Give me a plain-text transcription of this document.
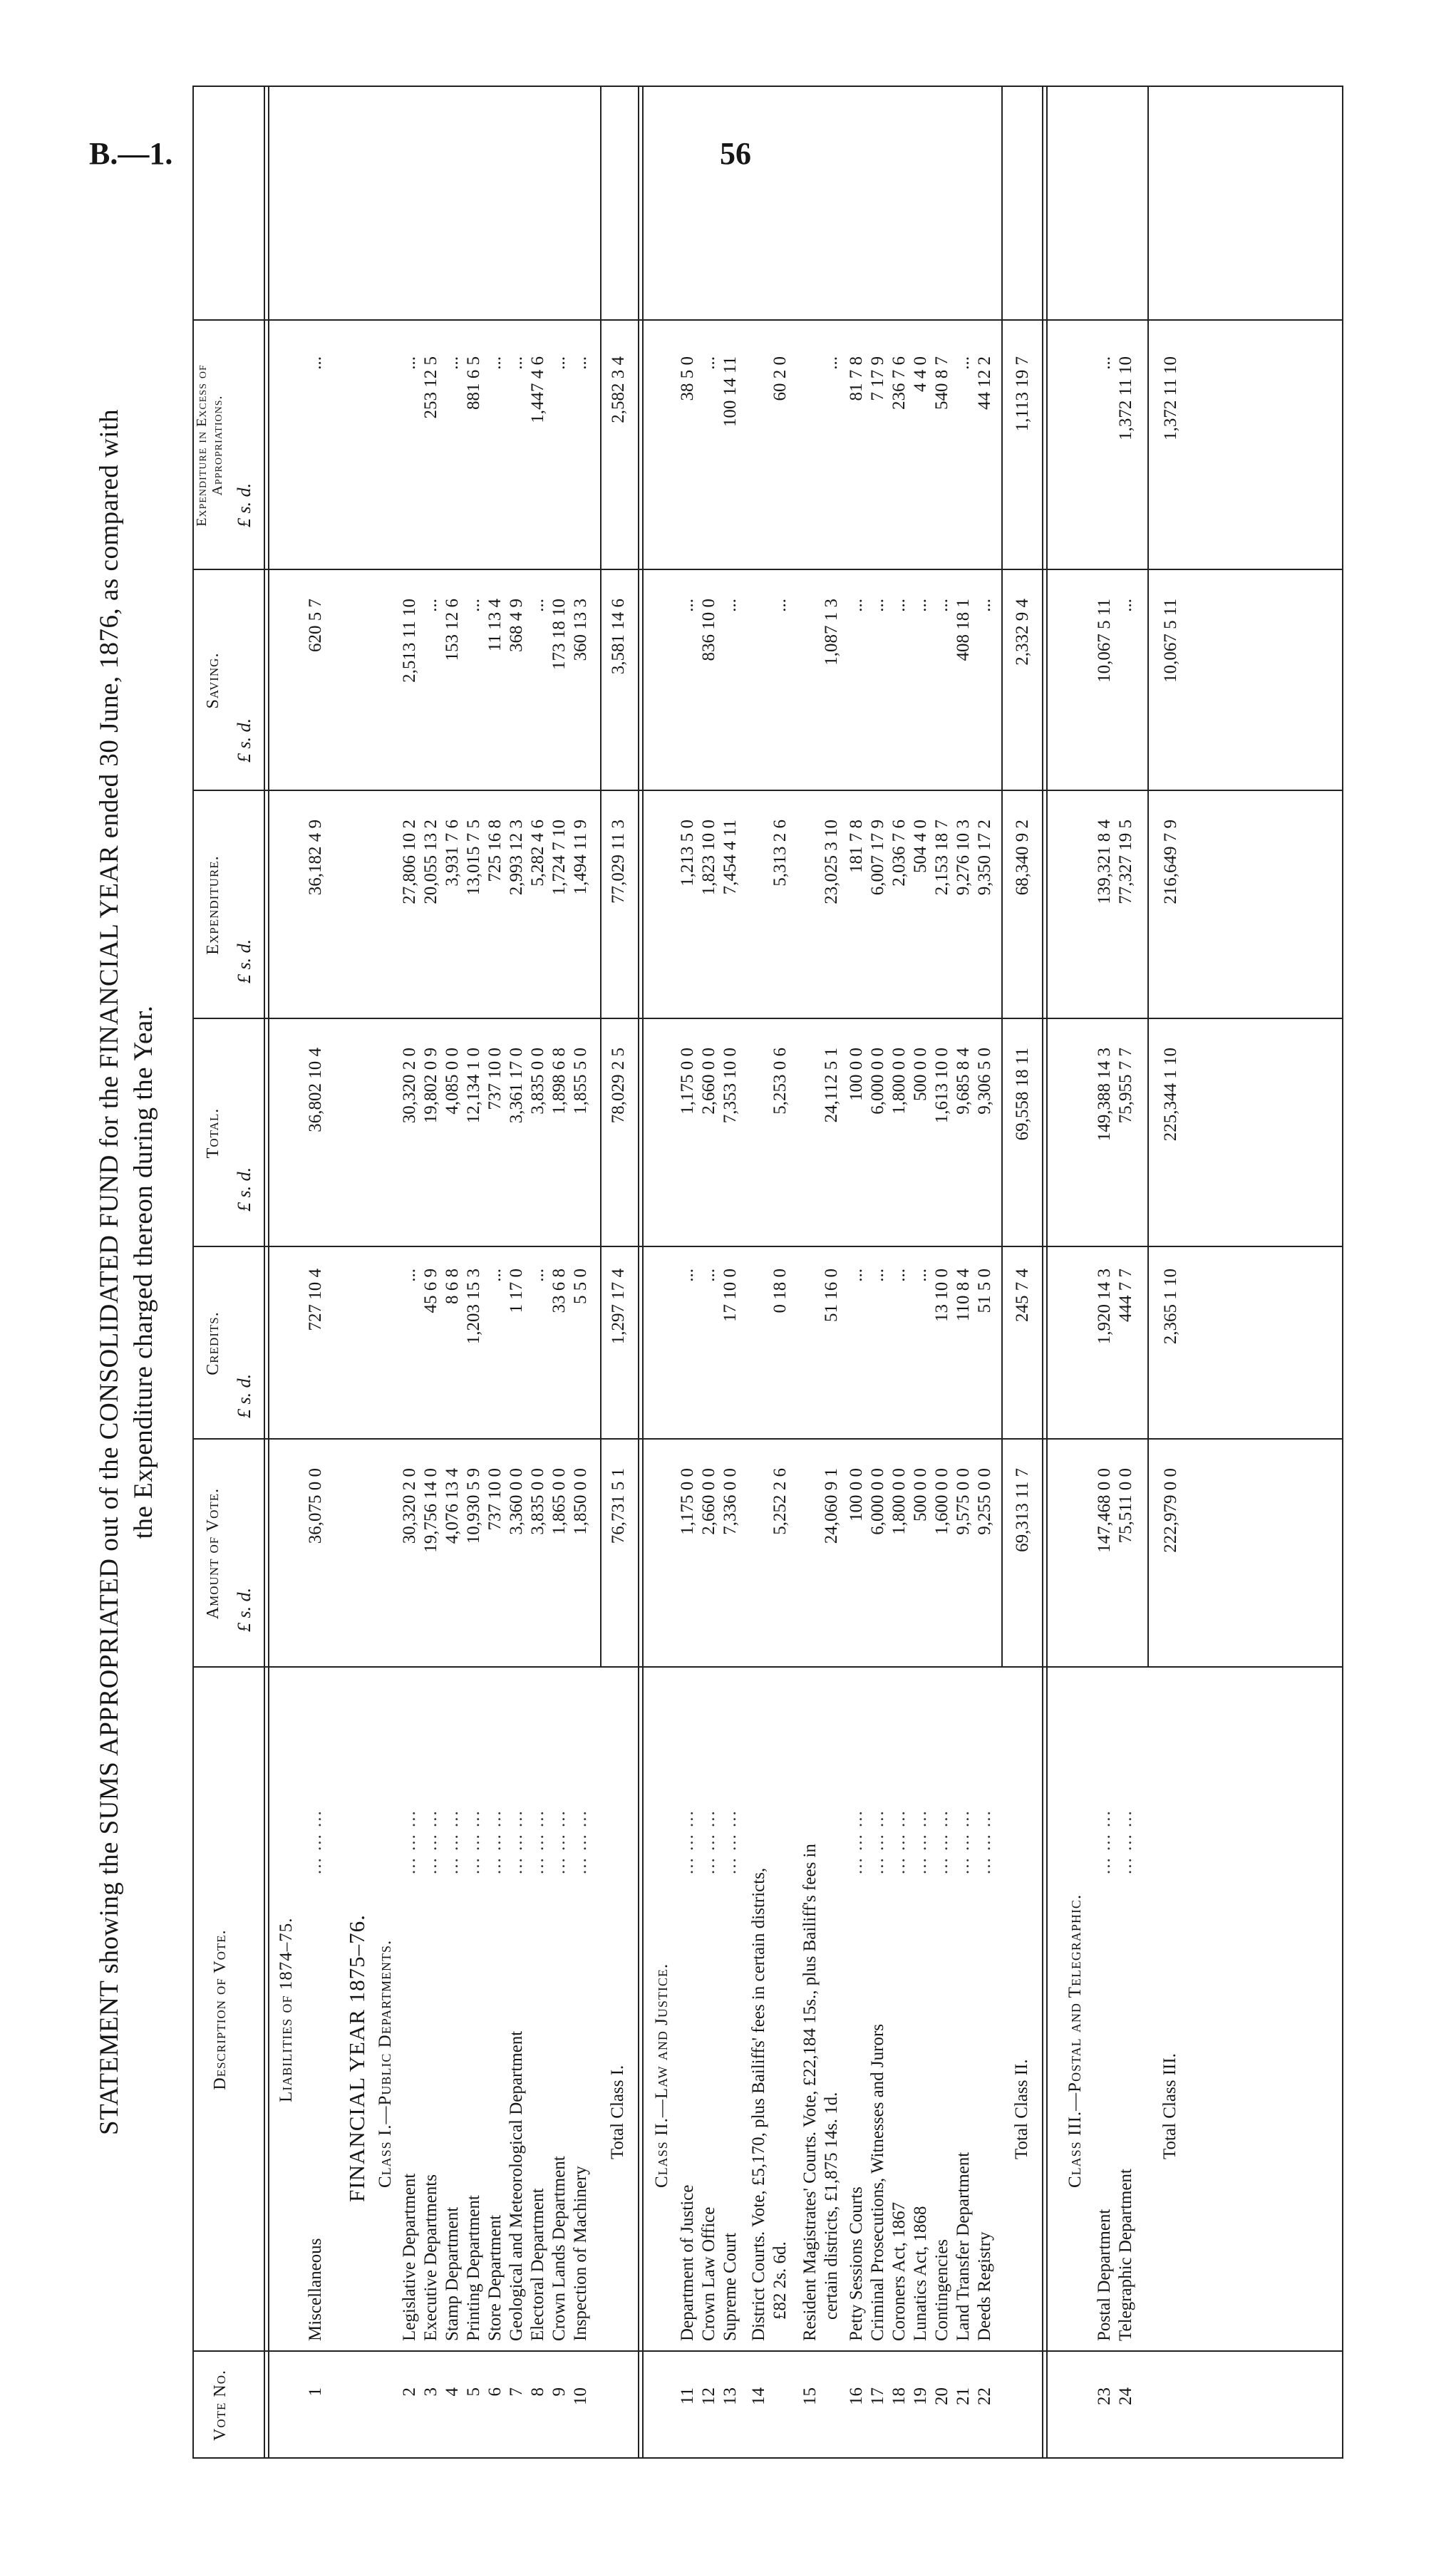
B.—1.	56
STATEMENT showing the SUMS APPROPRIATED out of the CONSOLIDATED FUND for the FINANCIAL YEAR ended 30 June, 1876, as compared with the Expenditure charged thereon during the Year.
Vote No.
Description of Vote.
Amount of Vote.
Credits.
Total.
Expenditure.
Saving.
Expenditure in Excess of Appropriations.
£ s. d.
£ s. d.
£ s. d.
£ s. d.
£ s. d.
£ s. d.
Liabilities of 1874–75.
1
Miscellaneous
... ... ...
36,075 0 0
727 10 4
36,802 10 4
36,182 4 9
620 5 7
...
FINANCIAL YEAR 1875–76. Class I.—Public Departments.
2
Legislative Department
... ... ...
30,320 2 0
...
30,320 2 0
27,806 10 2
2,513 11 10
...
3
Executive Departments
... ... ...
19,756 14 0
45 6 9
19,802 0 9
20,055 13 2
...
253 12 5
4
Stamp Department
... ... ...
4,076 13 4
8 6 8
4,085 0 0
3,931 7 6
153 12 6
...
5
Printing Department
... ... ...
10,930 5 9
1,203 15 3
12,134 1 0
13,015 7 5
...
881 6 5
6
Store Department
... ... ...
737 10 0
...
737 10 0
725 16 8
11 13 4
...
7
Geological and Meteorological Department
... ... ...
3,360 0 0
1 17 0
3,361 17 0
2,993 12 3
368 4 9
...
8
Electoral Department
... ... ...
3,835 0 0
...
3,835 0 0
5,282 4 6
...
1,447 4 6
9
Crown Lands Department
... ... ...
1,865 0 0
33 6 8
1,898 6 8
1,724 7 10
173 18 10
...
10
Inspection of Machinery
... ... ...
1,850 0 0
5 5 0
1,855 5 0
1,494 11 9
360 13 3
...
Total Class I.
76,731 5 1
1,297 17 4
78,029 2 5
77,029 11 3
3,581 14 6
2,582 3 4
Class II.—Law and Justice.
11
Department of Justice
... ... ...
1,175 0 0
...
1,175 0 0
1,213 5 0
...
38 5 0
12
Crown Law Office
... ... ...
2,660 0 0
...
2,660 0 0
1,823 10 0
836 10 0
...
13
Supreme Court
... ... ...
7,336 0 0
17 10 0
7,353 10 0
7,454 4 11
...
100 14 11
14
District Courts. Vote, £5,170, plus Bailiffs' fees in certain districts, £82 2s. 6d.
5,252 2 6
0 18 0
5,253 0 6
5,313 2 6
...
60 2 0
15
Resident Magistrates' Courts. Vote, £22,184 15s., plus Bailiff's fees in certain districts, £1,875 14s. 1d.
24,060 9 1
51 16 0
24,112 5 1
23,025 3 10
1,087 1 3
...
16
Petty Sessions Courts
... ... ...
100 0 0
...
100 0 0
181 7 8
...
81 7 8
17
Criminal Prosecutions, Witnesses and Jurors
... ... ...
6,000 0 0
...
6,000 0 0
6,007 17 9
...
7 17 9
18
Coroners Act, 1867
... ... ...
1,800 0 0
...
1,800 0 0
2,036 7 6
...
236 7 6
19
Lunatics Act, 1868
... ... ...
500 0 0
...
500 0 0
504 4 0
...
4 4 0
20
Contingencies
... ... ...
1,600 0 0
13 10 0
1,613 10 0
2,153 18 7
...
540 8 7
21
Land Transfer Department
... ... ...
9,575 0 0
110 8 4
9,685 8 4
9,276 10 3
408 18 1
...
22
Deeds Registry
... ... ...
9,255 0 0
51 5 0
9,306 5 0
9,350 17 2
...
44 12 2
Total Class II.
69,313 11 7
245 7 4
69,558 18 11
68,340 9 2
2,332 9 4
1,113 19 7
Class III.—Postal and Telegraphic.
23
Postal Department
... ... ...
147,468 0 0
1,920 14 3
149,388 14 3
139,321 8 4
10,067 5 11
...
24
Telegraphic Department
... ... ...
75,511 0 0
444 7 7
75,955 7 7
77,327 19 5
...
1,372 11 10
Total Class III.
222,979 0 0
2,365 1 10
225,344 1 10
216,649 7 9
10,067 5 11
1,372 11 10
